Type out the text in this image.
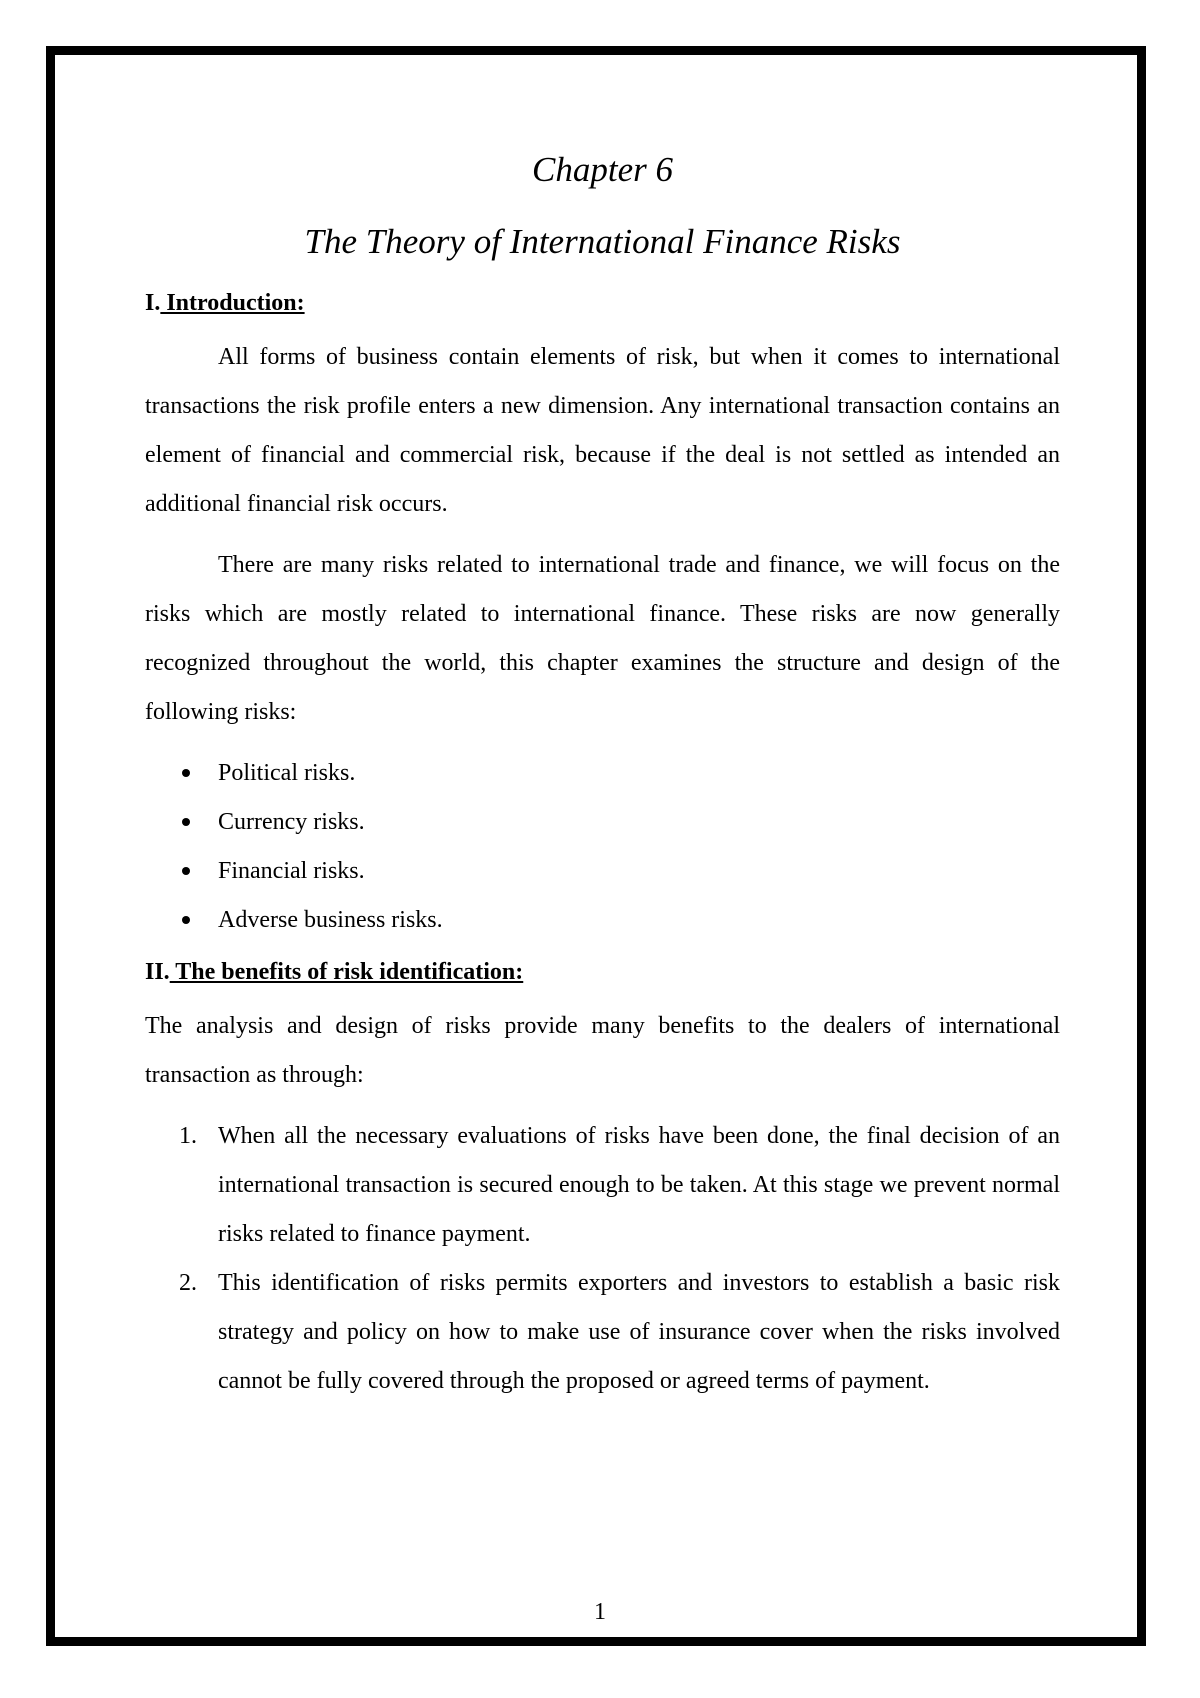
Chapter 6
The Theory of International Finance Risks
I. Introduction:

All forms of business contain elements of risk, but when it comes to international transactions the risk profile enters a new dimension. Any international transaction contains an element of financial and commercial risk, because if the deal is not settled as intended an additional financial risk occurs.

There are many risks related to international trade and finance, we will focus on the risks which are mostly related to international finance. These risks are now generally recognized throughout the world, this chapter examines the structure and design of the following risks:

Political risks.
Currency risks.
Financial risks.
Adverse business risks.
II. The benefits of risk identification:

The analysis and design of risks provide many benefits to the dealers of international transaction as through:

1. When all the necessary evaluations of risks have been done, the final decision of an international transaction is secured enough to be taken. At this stage we prevent normal risks related to finance payment.
2. This identification of risks permits exporters and investors to establish a basic risk strategy and policy on how to make use of insurance cover when the risks involved cannot be fully covered through the proposed or agreed terms of payment.
1
